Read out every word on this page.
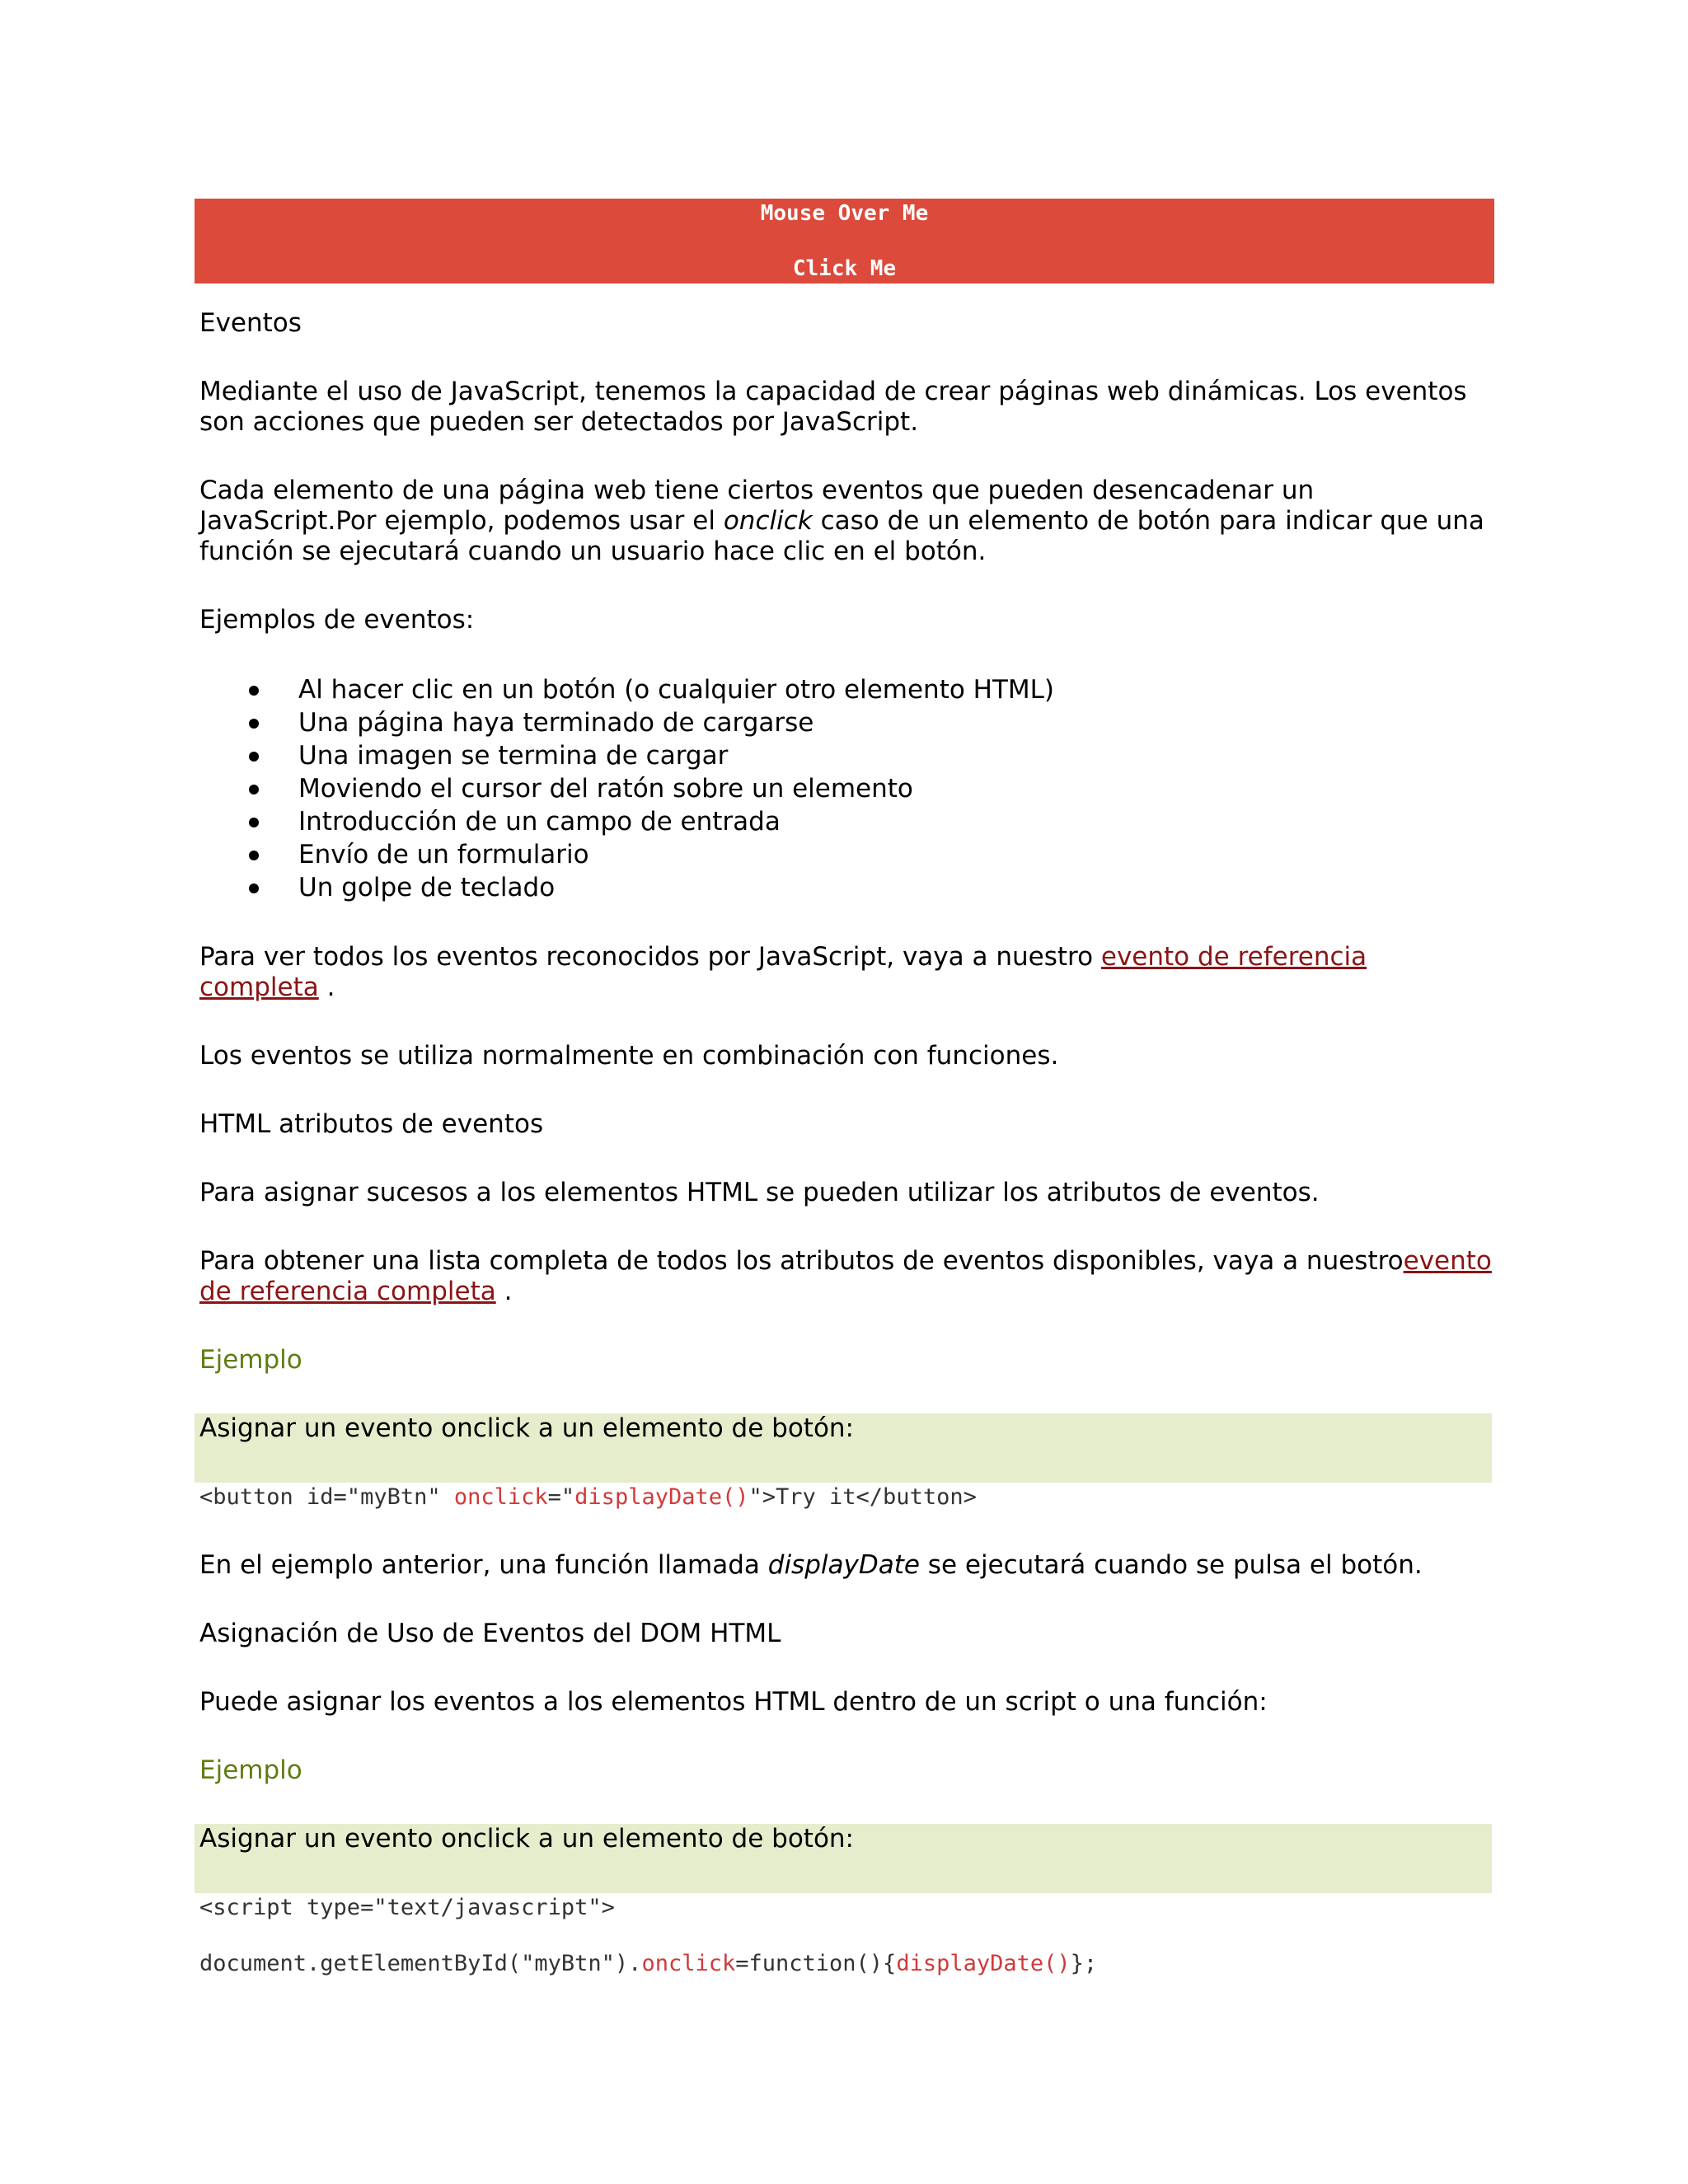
Mouse Over Me
Click Me

Eventos

Mediante el uso de JavaScript, tenemos la capacidad de crear páginas web dinámicas. Los eventos son acciones que pueden ser detectados por JavaScript.

Cada elemento de una página web tiene ciertos eventos que pueden desencadenar un JavaScript.Por ejemplo, podemos usar el onclick caso de un elemento de botón para indicar que una función se ejecutará cuando un usuario hace clic en el botón.

Ejemplos de eventos:

Al hacer clic en un botón (o cualquier otro elemento HTML)
Una página haya terminado de cargarse
Una imagen se termina de cargar
Moviendo el cursor del ratón sobre un elemento
Introducción de un campo de entrada
Envío de un formulario
Un golpe de teclado

Para ver todos los eventos reconocidos por JavaScript, vaya a nuestro evento de referencia completa .

Los eventos se utiliza normalmente en combinación con funciones.

HTML atributos de eventos

Para asignar sucesos a los elementos HTML se pueden utilizar los atributos de eventos.

Para obtener una lista completa de todos los atributos de eventos disponibles, vaya a nuestroevento de referencia completa .

Ejemplo

Asignar un evento onclick a un elemento de botón:
<button id="myBtn" onclick="displayDate()">Try it</button>

En el ejemplo anterior, una función llamada displayDate se ejecutará cuando se pulsa el botón.

Asignación de Uso de Eventos del DOM HTML

Puede asignar los eventos a los elementos HTML dentro de un script o una función:

Ejemplo

Asignar un evento onclick a un elemento de botón:
<script type="text/javascript">
document.getElementById("myBtn").onclick=function(){displayDate()};
